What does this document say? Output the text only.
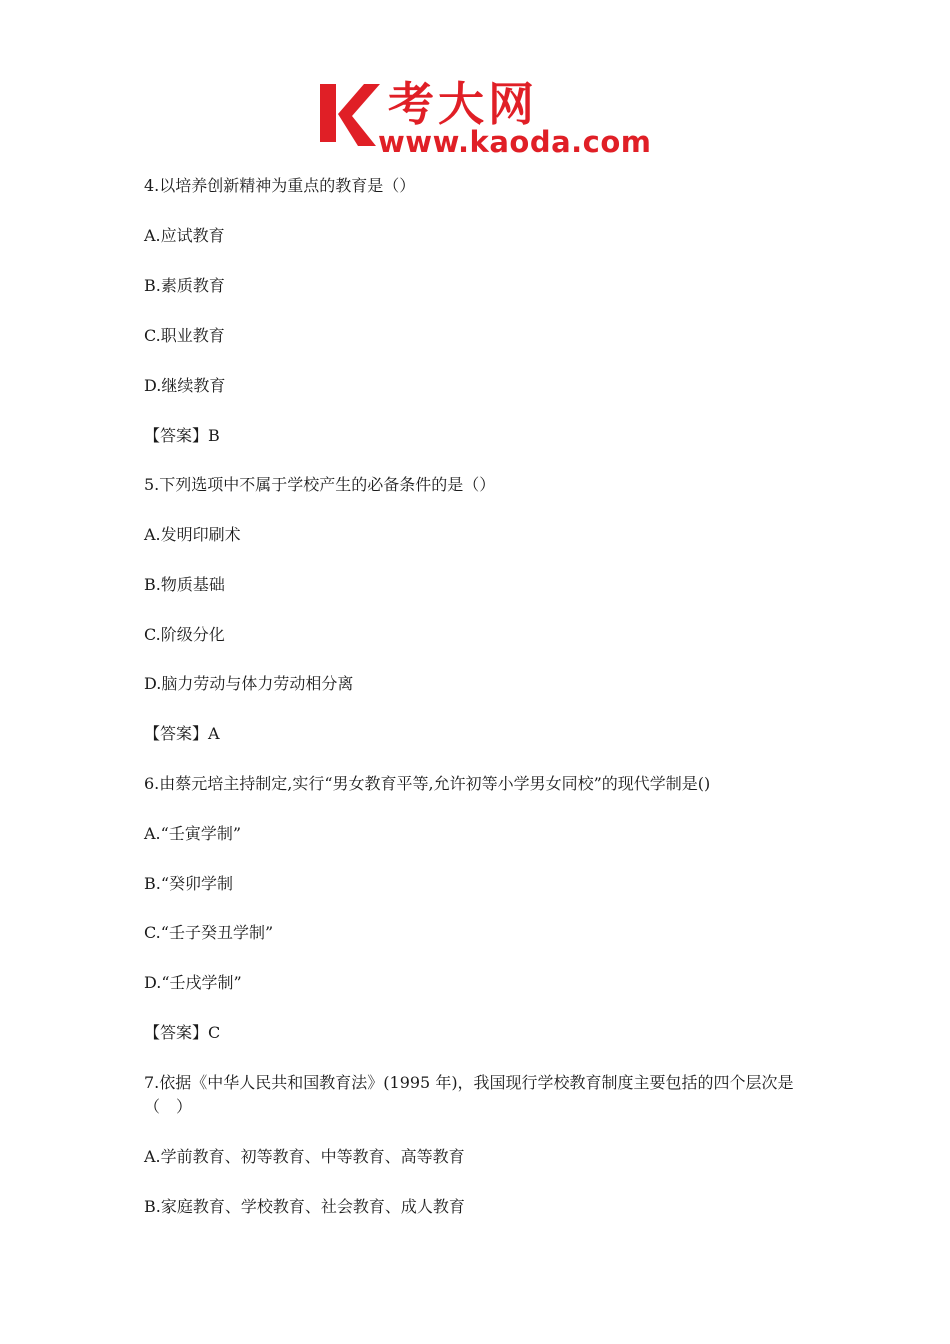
考大网
www.kaoda.com
4.以培养创新精神为重点的教育是（）
A.应试教育
B.素质教育
C.职业教育
D.继续教育
【答案】B
5.下列选项中不属于学校产生的必备条件的是（）
A.发明印刷术
B.物质基础
C.阶级分化
D.脑力劳动与体力劳动相分离
【答案】A
6.由蔡元培主持制定,实行“男女教育平等,允许初等小学男女同校”的现代学制是()
A.“壬寅学制”
B.“癸卯学制
C.“壬子癸丑学制”
D.“壬戌学制”
【答案】C
7.依据《中华人民共和国教育法》(1995 年)，我国现行学校教育制度主要包括的四个层次是（　）
A.学前教育、初等教育、中等教育、高等教育
B.家庭教育、学校教育、社会教育、成人教育
